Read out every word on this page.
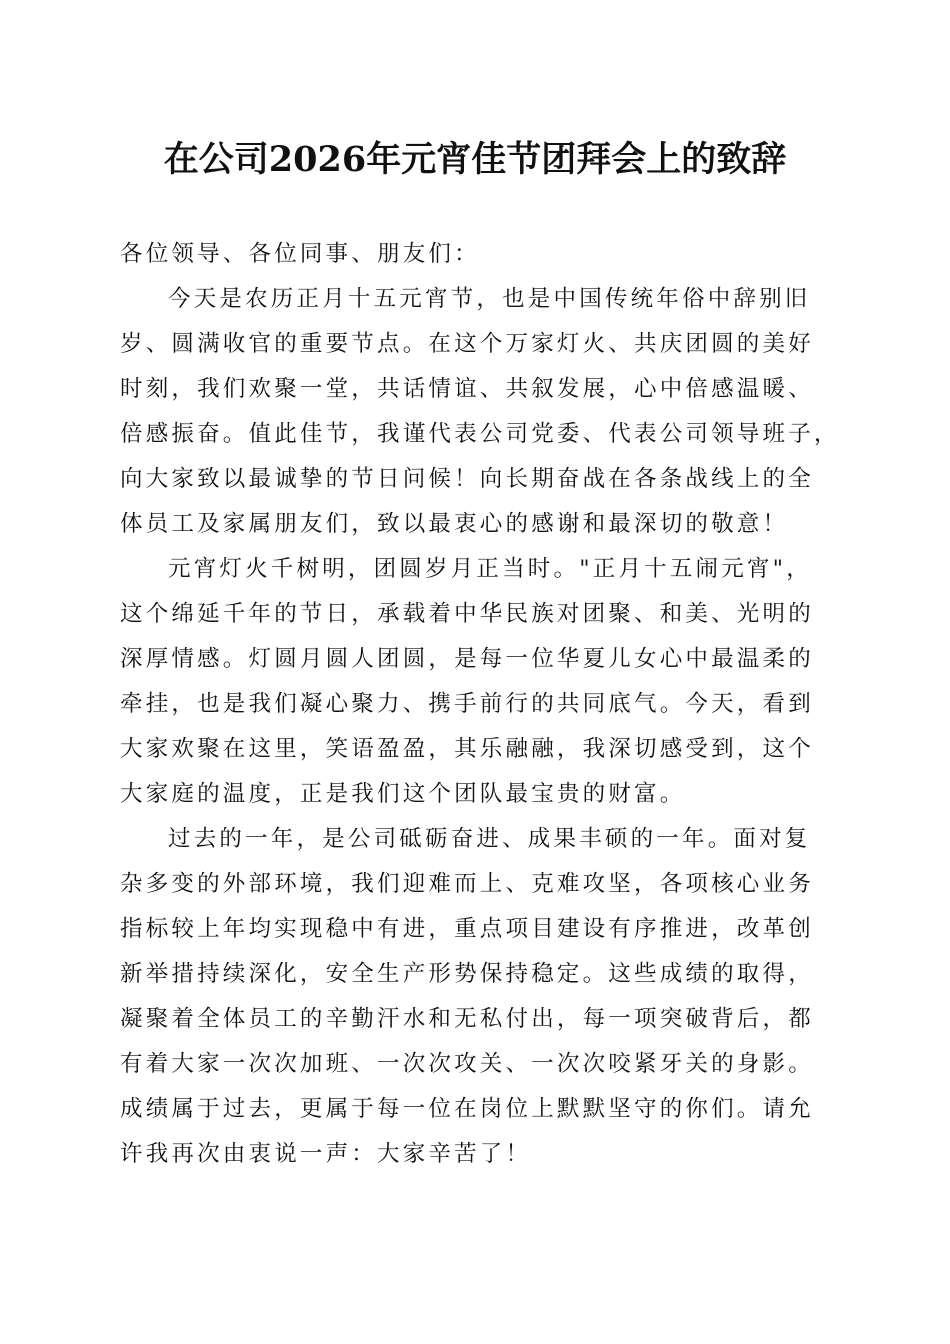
在公司2026年元宵佳节团拜会上的致辞
各位领导、各位同事、朋友们：
今天是农历正月十五元宵节，也是中国传统年俗中辞别旧
岁、圆满收官的重要节点。在这个万家灯火、共庆团圆的美好
时刻，我们欢聚一堂，共话情谊、共叙发展，心中倍感温暖、
倍感振奋。值此佳节，我谨代表公司党委、代表公司领导班子，
向大家致以最诚挚的节日问候！向长期奋战在各条战线上的全
体员工及家属朋友们，致以最衷心的感谢和最深切的敬意！
元宵灯火千树明，团圆岁月正当时。"正月十五闹元宵"，
这个绵延千年的节日，承载着中华民族对团聚、和美、光明的
深厚情感。灯圆月圆人团圆，是每一位华夏儿女心中最温柔的
牵挂，也是我们凝心聚力、携手前行的共同底气。今天，看到
大家欢聚在这里，笑语盈盈，其乐融融，我深切感受到，这个
大家庭的温度，正是我们这个团队最宝贵的财富。
过去的一年，是公司砥砺奋进、成果丰硕的一年。面对复
杂多变的外部环境，我们迎难而上、克难攻坚，各项核心业务
指标较上年均实现稳中有进，重点项目建设有序推进，改革创
新举措持续深化，安全生产形势保持稳定。这些成绩的取得，
凝聚着全体员工的辛勤汗水和无私付出，每一项突破背后，都
有着大家一次次加班、一次次攻关、一次次咬紧牙关的身影。
成绩属于过去，更属于每一位在岗位上默默坚守的你们。请允
许我再次由衷说一声：大家辛苦了！
